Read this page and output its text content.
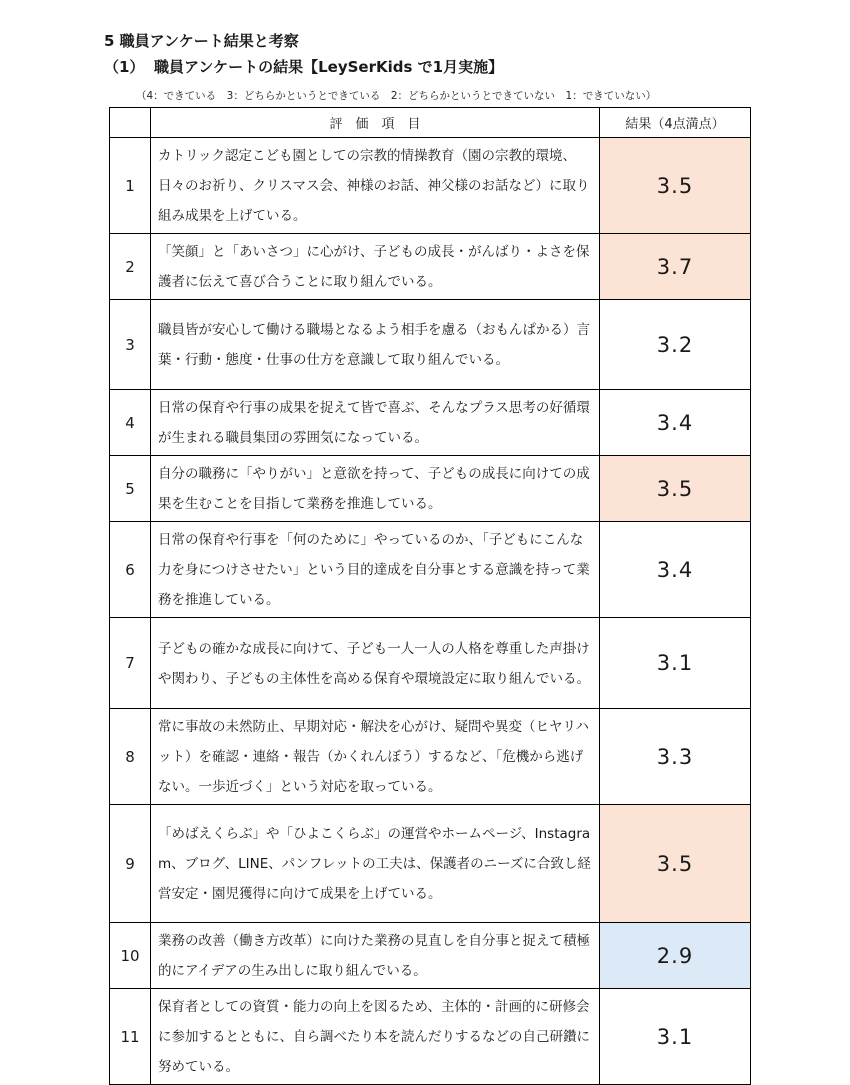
5 職員アンケート結果と考察
（1） 職員アンケートの結果【LeySerKids で1月実施】
（4：できている　3：どちらかというとできている　2：どちらかというとできていない　1：できていない）
	評　価　項　目	結果（4点満点）
1	カトリック認定こども園としての宗教的情操教育（園の宗教的環境、日々のお祈り、クリスマス会、神様のお話、神父様のお話など）に取り組み成果を上げている。	3.5
2	「笑顔」と「あいさつ」に心がけ、子どもの成長・がんばり・よさを保護者に伝えて喜び合うことに取り組んでいる。	3.7
3	職員皆が安心して働ける職場となるよう相手を慮る（おもんぱかる）言葉・行動・態度・仕事の仕方を意識して取り組んでいる。	3.2
4	日常の保育や行事の成果を捉えて皆で喜ぶ、そんなプラス思考の好循環が生まれる職員集団の雰囲気になっている。	3.4
5	自分の職務に「やりがい」と意欲を持って、子どもの成長に向けての成果を生むことを目指して業務を推進している。	3.5
6	日常の保育や行事を「何のために」やっているのか、「子どもにこんな力を身につけさせたい」という目的達成を自分事とする意識を持って業務を推進している。	3.4
7	子どもの確かな成長に向けて、子ども一人一人の人格を尊重した声掛けや関わり、子どもの主体性を高める保育や環境設定に取り組んでいる。	3.1
8	常に事故の未然防止、早期対応・解決を心がけ、疑問や異変（ヒヤリハット）を確認・連絡・報告（かくれんぼう）するなど、「危機から逃げない。一歩近づく」という対応を取っている。	3.3
9	「めばえくらぶ」や「ひよこくらぶ」の運営やホームページ、Instagram、ブログ、LINE、パンフレットの工夫は、保護者のニーズに合致し経営安定・園児獲得に向けて成果を上げている。	3.5
10	業務の改善（働き方改革）に向けた業務の見直しを自分事と捉えて積極的にアイデアの生み出しに取り組んでいる。	2.9
11	保育者としての資質・能力の向上を図るため、主体的・計画的に研修会に参加するとともに、自ら調べたり本を読んだりするなどの自己研鑽に努めている。	3.1
